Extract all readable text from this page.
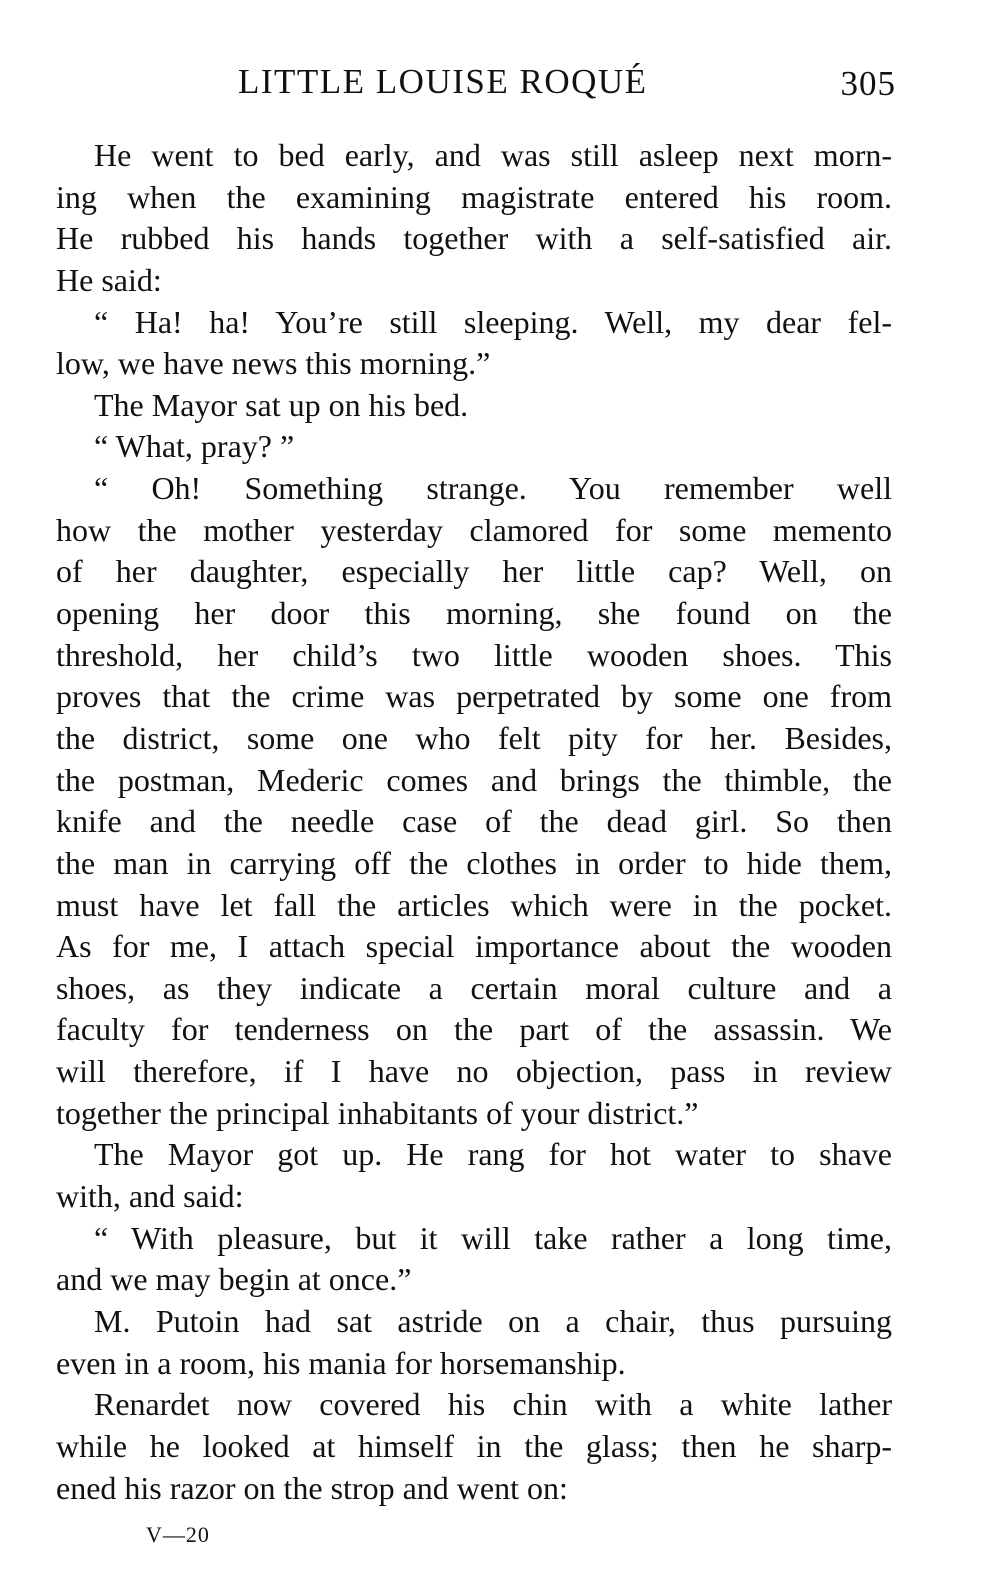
LITTLE LOUISE ROQUÉ	305
He went to bed early, and was still asleep next morn-
ing when the examining magistrate entered his room.
He rubbed his hands together with a self-satisfied air.
He said:
“ Ha! ha! You’re still sleeping. Well, my dear fel-
low, we have news this morning.”
The Mayor sat up on his bed.
“ What, pray? ”
“ Oh! Something strange. You remember well
how the mother yesterday clamored for some memento
of her daughter, especially her little cap? Well, on
opening her door this morning, she found on the
threshold, her child’s two little wooden shoes. This
proves that the crime was perpetrated by some one from
the district, some one who felt pity for her. Besides,
the postman, Mederic comes and brings the thimble, the
knife and the needle case of the dead girl. So then
the man in carrying off the clothes in order to hide them,
must have let fall the articles which were in the pocket.
As for me, I attach special importance about the wooden
shoes, as they indicate a certain moral culture and a
faculty for tenderness on the part of the assassin. We
will therefore, if I have no objection, pass in review
together the principal inhabitants of your district.”
The Mayor got up. He rang for hot water to shave
with, and said:
“ With pleasure, but it will take rather a long time,
and we may begin at once.”
M. Putoin had sat astride on a chair, thus pursuing
even in a room, his mania for horsemanship.
Renardet now covered his chin with a white lather
while he looked at himself in the glass; then he sharp-
ened his razor on the strop and went on:
V—20
